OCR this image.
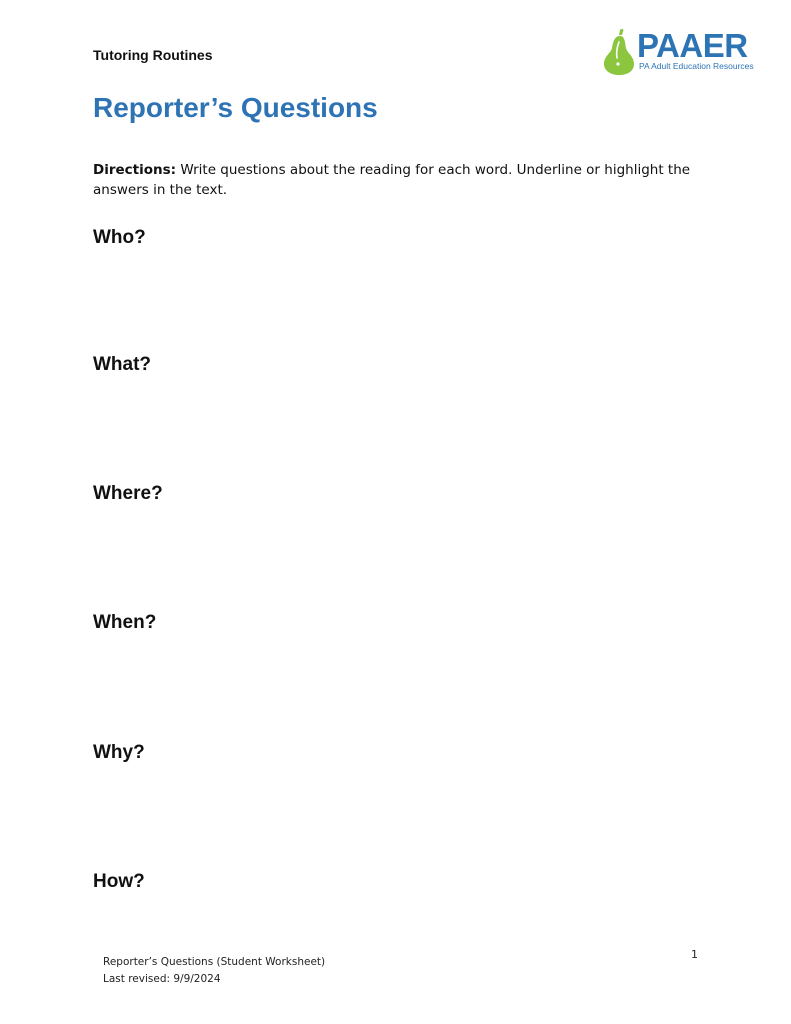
Tutoring Routines	PAAER
PA Adult Education Resources
Reporter’s Questions

Directions: Write questions about the reading for each word. Underline or highlight the answers in the text.

Who?
What?
Where?
When?
Why?
How?
Reporter’s Questions (Student Worksheet)
Last revised: 9/9/2024
1
